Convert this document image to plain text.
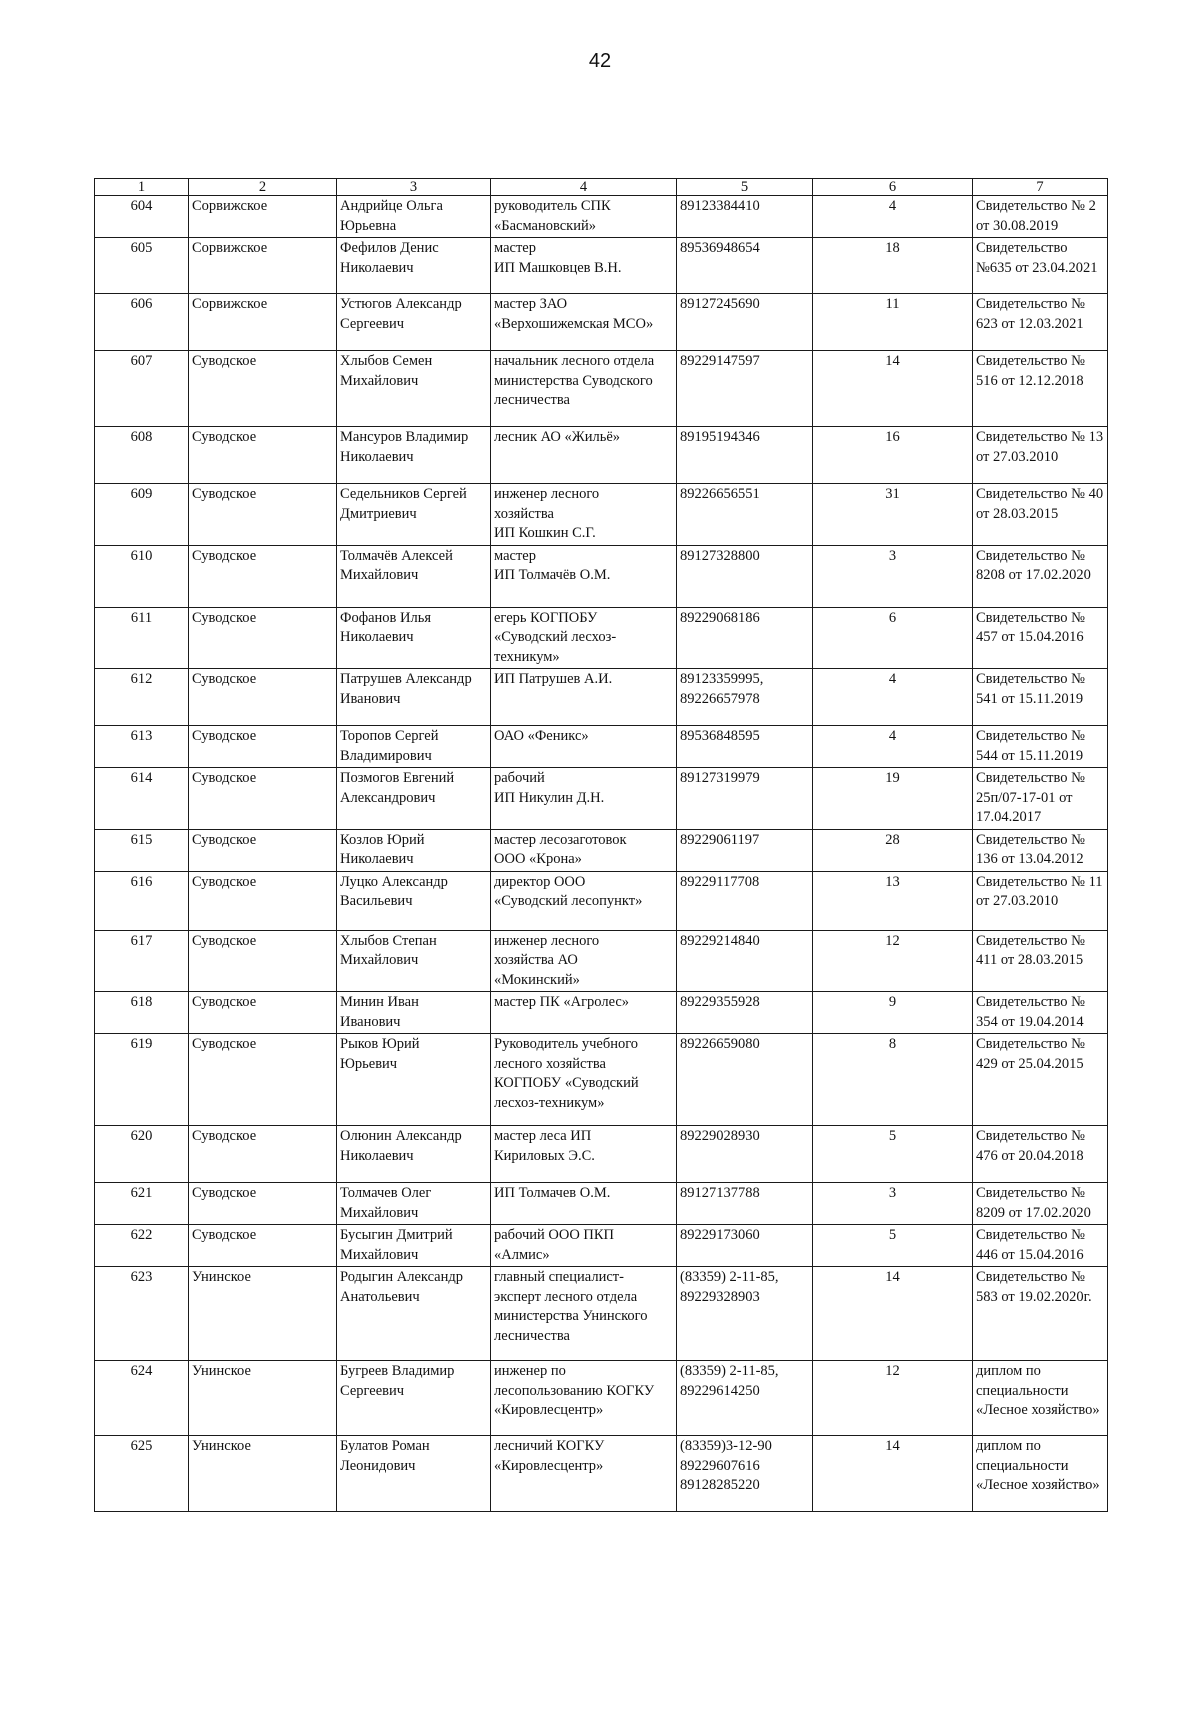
42
1	2	3	4	5	6	7
604	Сорвижское	Андрийце Ольга
Юрьевна	руководитель СПК
«Басмановский»	89123384410	4	Свидетельство № 2
от 30.08.2019
605	Сорвижское	Фефилов Денис
Николаевич	мастер
ИП Машковцев В.Н.	89536948654	18	Свидетельство
№635 от 23.04.2021
606	Сорвижское	Устюгов Александр
Сергеевич	мастер ЗАО
«Верхошижемская МСО»	89127245690	11	Свидетельство №
623 от 12.03.2021
607	Суводское	Хлыбов Семен
Михайлович	начальник лесного отдела
министерства Суводского
лесничества	89229147597	14	Свидетельство №
516 от 12.12.2018
608	Суводское	Мансуров Владимир
Николаевич	лесник АО «Жильё»	89195194346	16	Свидетельство № 13
от 27.03.2010
609	Суводское	Седельников Сергей
Дмитриевич	инженер лесного
хозяйства
ИП Кошкин С.Г.	89226656551	31	Свидетельство № 40
от 28.03.2015
610	Суводское	Толмачёв Алексей
Михайлович	мастер
ИП Толмачёв О.М.	89127328800	3	Свидетельство №
8208 от 17.02.2020
611	Суводское	Фофанов Илья
Николаевич	егерь КОГПОБУ
«Суводский лесхоз-
техникум»	89229068186	6	Свидетельство №
457 от 15.04.2016
612	Суводское	Патрушев Александр
Иванович	ИП Патрушев А.И.	89123359995,
89226657978	4	Свидетельство №
541 от 15.11.2019
613	Суводское	Торопов Сергей
Владимирович	ОАО «Феникс»	89536848595	4	Свидетельство №
544 от 15.11.2019
614	Суводское	Позмогов Евгений
Александрович	рабочий
ИП Никулин Д.Н.	89127319979	19	Свидетельство №
25п/07-17-01 от
17.04.2017
615	Суводское	Козлов Юрий
Николаевич	мастер лесозаготовок
ООО «Крона»	89229061197	28	Свидетельство №
136 от 13.04.2012
616	Суводское	Луцко Александр
Васильевич	директор ООО
«Суводский лесопункт»	89229117708	13	Свидетельство № 11
от 27.03.2010
617	Суводское	Хлыбов Степан
Михайлович	инженер лесного
хозяйства АО
«Мокинский»	89229214840	12	Свидетельство №
411 от 28.03.2015
618	Суводское	Минин Иван
Иванович	мастер ПК «Агролес»	89229355928	9	Свидетельство №
354 от 19.04.2014
619	Суводское	Рыков Юрий
Юрьевич	Руководитель учебного
лесного хозяйства
КОГПОБУ «Суводский
лесхоз-техникум»	89226659080	8	Свидетельство №
429 от 25.04.2015
620	Суводское	Олюнин Александр
Николаевич	мастер леса ИП
Кириловых Э.С.	89229028930	5	Свидетельство №
476 от 20.04.2018
621	Суводское	Толмачев Олег
Михайлович	ИП Толмачев О.М.	89127137788	3	Свидетельство №
8209 от 17.02.2020
622	Суводское	Бусыгин Дмитрий
Михайлович	рабочий ООО ПКП
«Алмис»	89229173060	5	Свидетельство №
446 от 15.04.2016
623	Унинское	Родыгин Александр
Анатольевич	главный специалист-
эксперт лесного отдела
министерства Унинского
лесничества	(83359) 2-11-85,
89229328903	14	Свидетельство №
583 от 19.02.2020г.
624	Унинское	Бугреев Владимир
Сергеевич	инженер по
лесопользованию КОГКУ
«Кировлесцентр»	(83359) 2-11-85,
89229614250	12	диплом по
специальности
«Лесное хозяйство»
625	Унинское	Булатов Роман
Леонидович	лесничий КОГКУ
«Кировлесцентр»	(83359)3-12-90
89229607616
89128285220	14	диплом по
специальности
«Лесное хозяйство»
